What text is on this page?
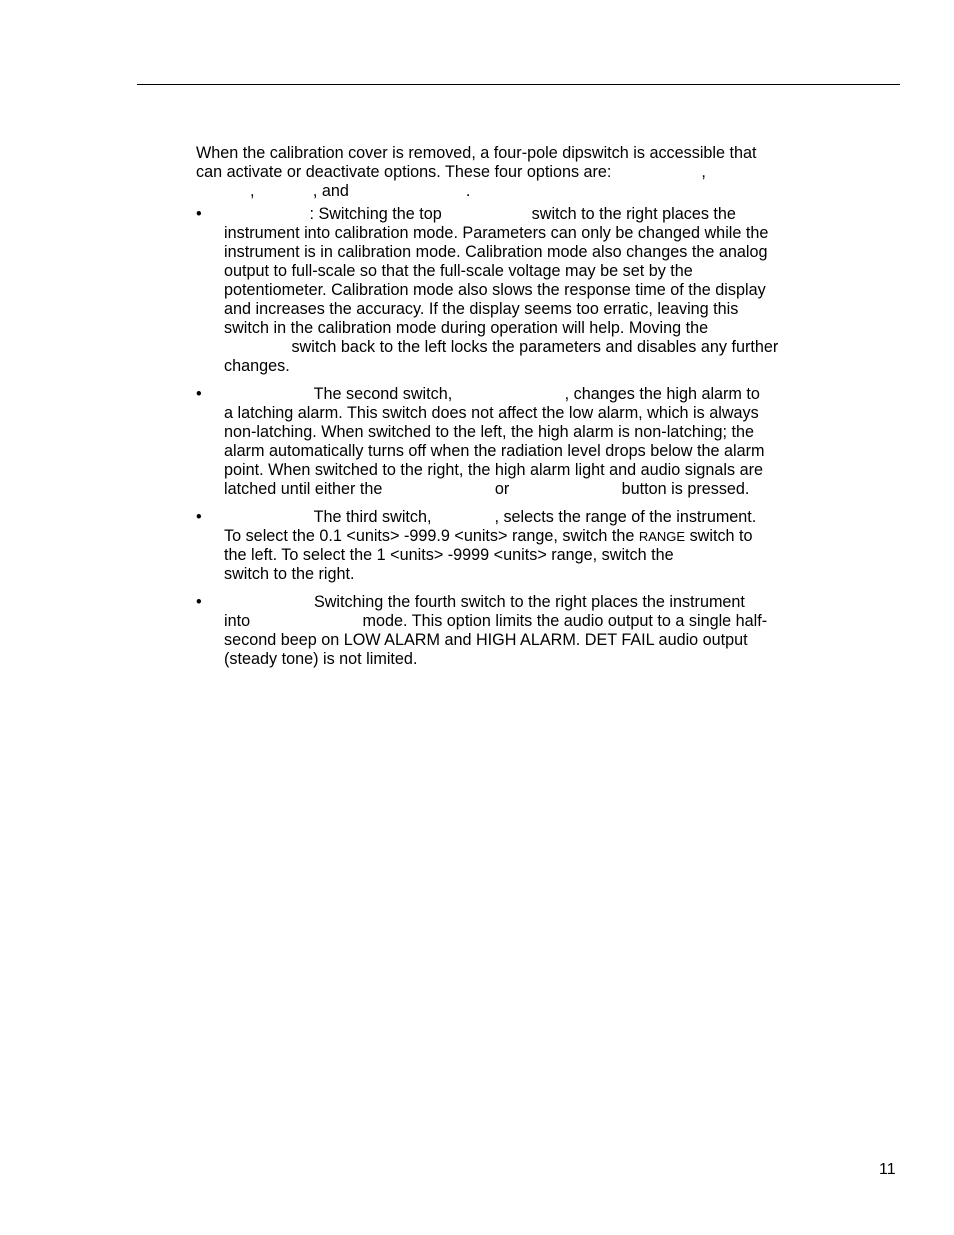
When the calibration cover is removed, a four-pole dipswitch is accessible that
can activate or deactivate options. These four options are:                    ,
,             , and                          .
• : Switching the top                    switch to the right places the
instrument into calibration mode. Parameters can only be changed while the
instrument is in calibration mode. Calibration mode also changes the analog
output to full-scale so that the full-scale voltage may be set by the
potentiometer. Calibration mode also slows the response time of the display
and increases the accuracy. If the display seems too erratic, leaving this
switch in the calibration mode during operation will help. Moving the
switch back to the left locks the parameters and disables any further
changes.
• The second switch,                         , changes the high alarm to
a latching alarm. This switch does not affect the low alarm, which is always
non-latching. When switched to the left, the high alarm is non-latching; the
alarm automatically turns off when the radiation level drops below the alarm
point. When switched to the right, the high alarm light and audio signals are
latched until either the                         or                         button is pressed.
• The third switch,              , selects the range of the instrument.
To select the 0.1 <units> -999.9 <units> range, switch the RANGE switch to
the left. To select the 1 <units> -9999 <units> range, switch the
switch to the right.
• Switching the fourth switch to the right places the instrument
into                         mode. This option limits the audio output to a single half-
second beep on LOW ALARM and HIGH ALARM. DET FAIL audio output
(steady tone) is not limited.
11
